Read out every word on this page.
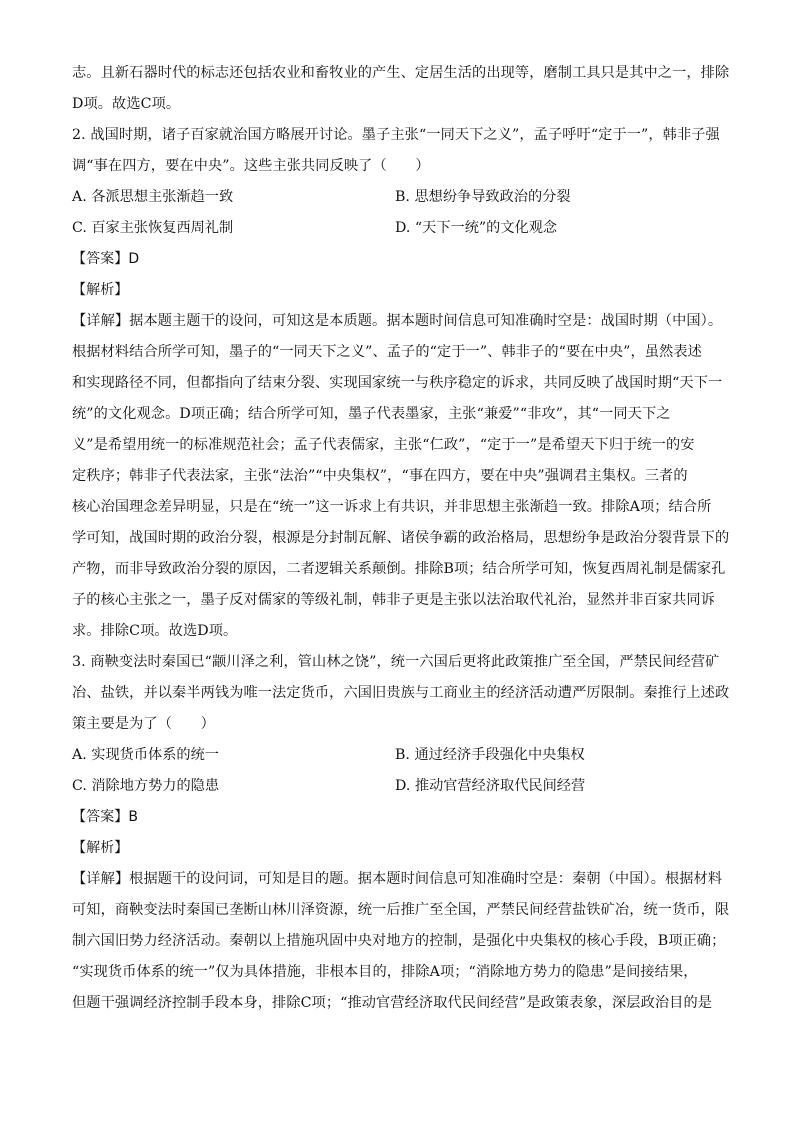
志。且新石器时代的标志还包括农业和畜牧业的产生、定居生活的出现等，磨制工具只是其中之一，排除
D项。故选C项。
2. 战国时期，诸子百家就治国方略展开讨论。墨子主张“一同天下之义”，孟子呼吁“定于一”，韩非子强
调“事在四方，要在中央”。这些主张共同反映了（　　）
A. 各派思想主张渐趋一致	B. 思想纷争导致政治的分裂
C. 百家主张恢复西周礼制	D. “天下一统”的文化观念
【答案】D
【解析】
【详解】据本题主题干的设问，可知这是本质题。据本题时间信息可知准确时空是：战国时期（中国）。
根据材料结合所学可知，墨子的“一同天下之义”、孟子的“定于一”、韩非子的“要在中央”，虽然表述
和实现路径不同，但都指向了结束分裂、实现国家统一与秩序稳定的诉求，共同反映了战国时期“天下一
统”的文化观念。D项正确；结合所学可知，墨子代表墨家，主张“兼爱”“非攻”，其“一同天下之
义”是希望用统一的标准规范社会；孟子代表儒家，主张“仁政”，“定于一”是希望天下归于统一的安
定秩序；韩非子代表法家，主张“法治”“中央集权”，“事在四方，要在中央”强调君主集权。三者的
核心治国理念差异明显，只是在“统一”这一诉求上有共识，并非思想主张渐趋一致。排除A项；结合所
学可知，战国时期的政治分裂，根源是分封制瓦解、诸侯争霸的政治格局，思想纷争是政治分裂背景下的
产物，而非导致政治分裂的原因，二者逻辑关系颠倒。排除B项；结合所学可知，恢复西周礼制是儒家孔
子的核心主张之一，墨子反对儒家的等级礼制，韩非子更是主张以法治取代礼治，显然并非百家共同诉
求。排除C项。故选D项。
3. 商鞅变法时秦国已“颛川泽之利，管山林之饶”，统一六国后更将此政策推广至全国，严禁民间经营矿
冶、盐铁，并以秦半两钱为唯一法定货币，六国旧贵族与工商业主的经济活动遭严厉限制。秦推行上述政
策主要是为了（　　）
A. 实现货币体系的统一	B. 通过经济手段强化中央集权
C. 消除地方势力的隐患	D. 推动官营经济取代民间经营
【答案】B
【解析】
【详解】根据题干的设问词，可知是目的题。据本题时间信息可知准确时空是：秦朝（中国）。根据材料
可知，商鞅变法时秦国已垄断山林川泽资源，统一后推广至全国，严禁民间经营盐铁矿冶，统一货币，限
制六国旧势力经济活动。秦朝以上措施巩固中央对地方的控制，是强化中央集权的核心手段，B项正确；
“实现货币体系的统一”仅为具体措施，非根本目的，排除A项；“消除地方势力的隐患”是间接结果，
但题干强调经济控制手段本身，排除C项；“推动官营经济取代民间经营”是政策表象，深层政治目的是
